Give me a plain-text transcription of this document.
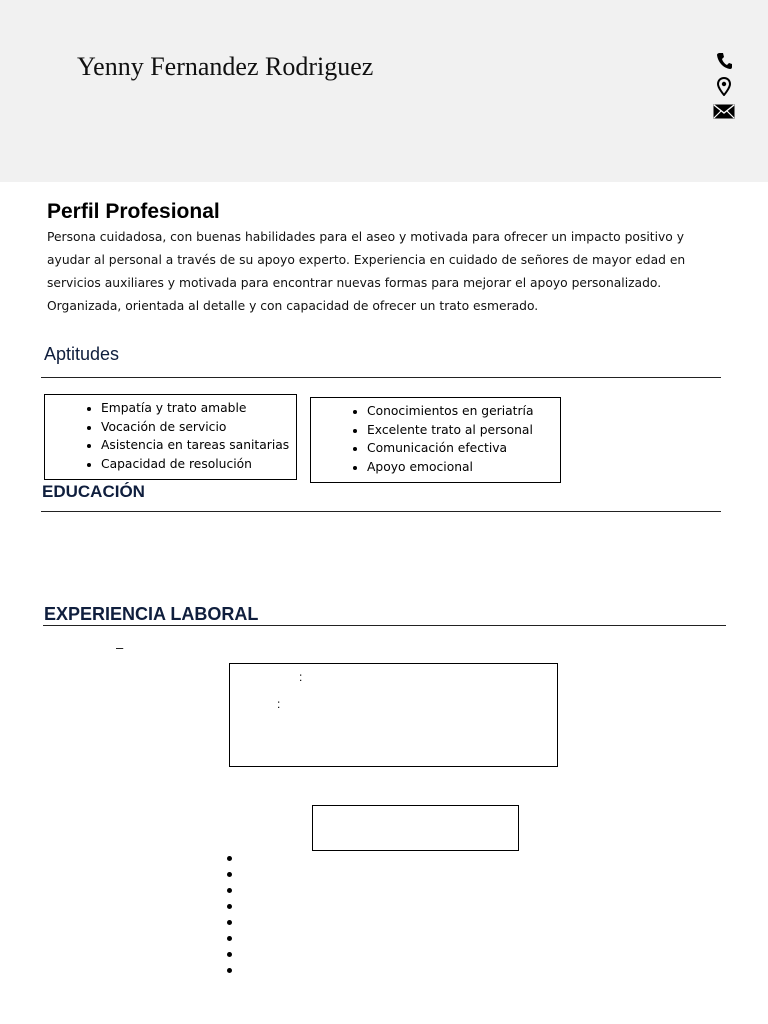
Yenny Fernandez Rodriguez
Perfil Profesional

Persona cuidadosa, con buenas habilidades para el aseo y motivada para ofrecer un impacto positivo y ayudar al personal a través de su apoyo experto. Experiencia en cuidado de señores de mayor edad en servicios auxiliares y motivada para encontrar nuevas formas para mejorar el apoyo personalizado. Organizada, orientada al detalle y con capacidad de ofrecer un trato esmerado.

Aptitudes
• Empatía y trato amable
• Vocación de servicio
• Asistencia en tareas sanitarias
• Capacidad de resolución
• Conocimientos en geriatría
• Excelente trato al personal
• Comunicación efectiva
• Apoyo emocional
EDUCACIÓN
EXPERIENCIA LABORAL
–
:
:
